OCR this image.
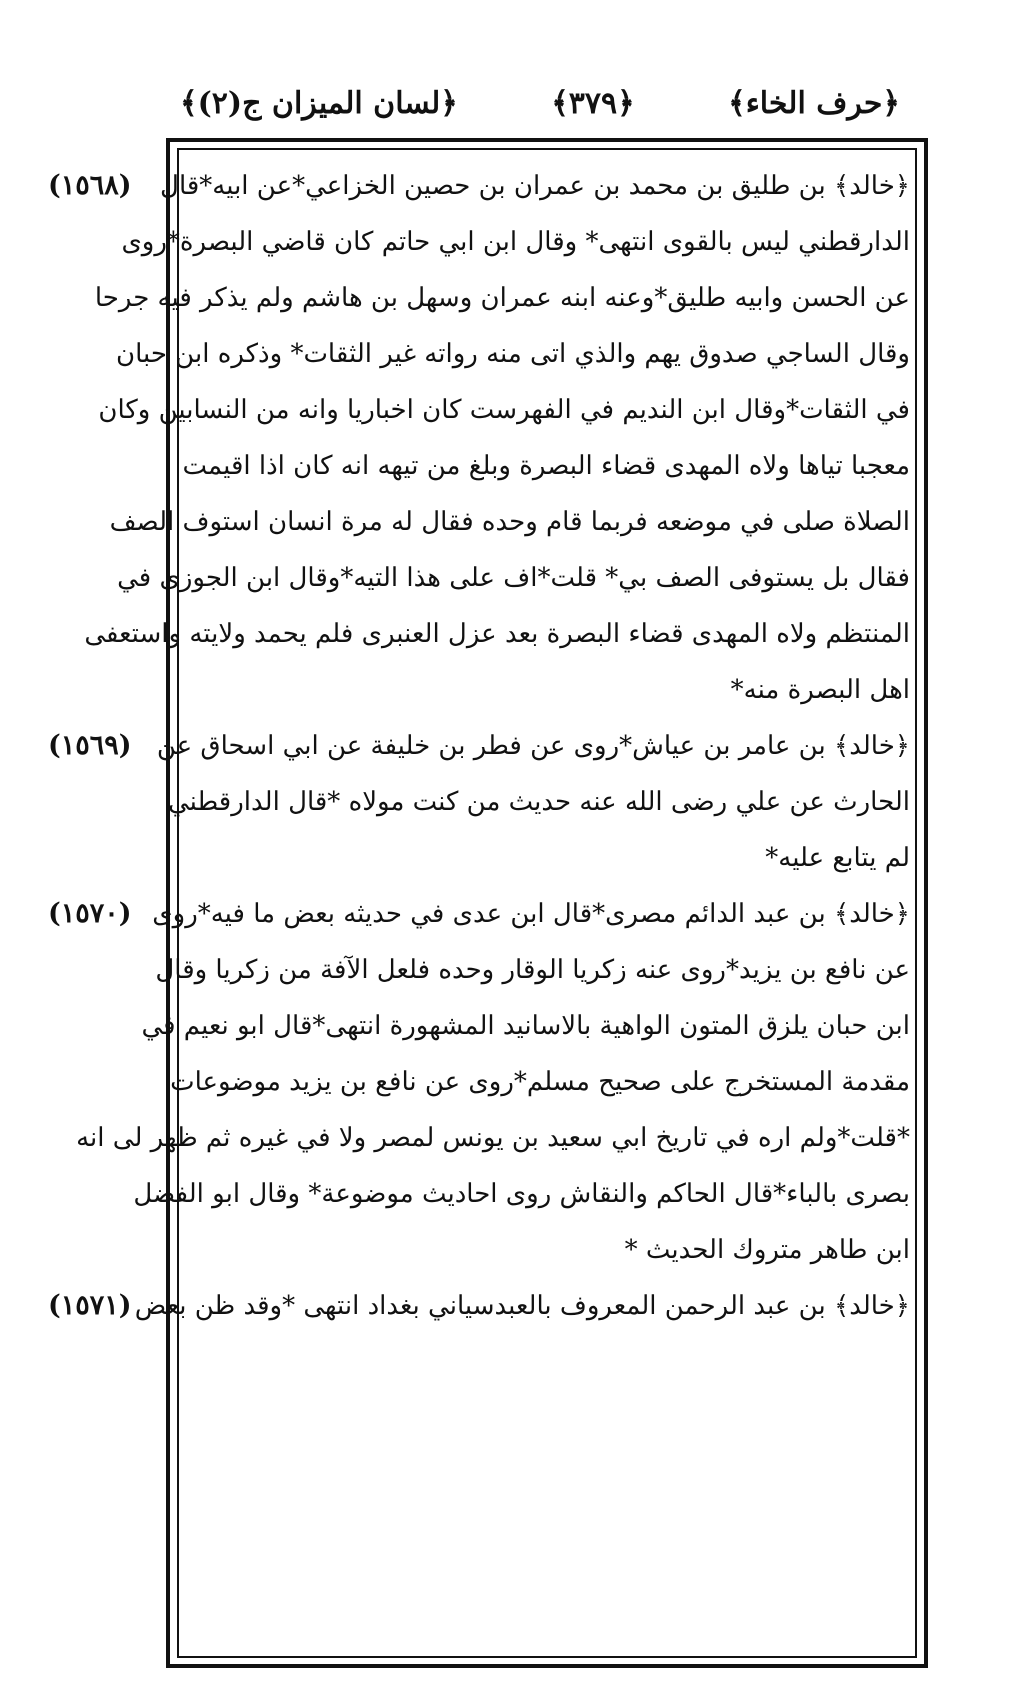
﴿حرف الخاء﴾
﴿٣٧٩﴾
﴿لسان الميزان ج(٢)﴾
﴿خالد﴾ بن طليق بن محمد بن عمران بن حصين الخزاعي*عن ابيه*قال
الدارقطني ليس بالقوى انتهى* وقال ابن ابي حاتم كان قاضي البصرة*روى
عن الحسن وابيه طليق*وعنه ابنه عمران وسهل بن هاشم ولم يذكر فيه جرحا
وقال الساجي صدوق يهم والذي اتى منه رواته غير الثقات* وذكره ابن حبان
في الثقات*وقال ابن النديم في الفهرست كان اخباريا وانه من النسابين وكان
معجبا تياها ولاه المهدى قضاء البصرة وبلغ من تيهه انه كان اذا اقيمت
الصلاة صلى في موضعه فربما قام وحده فقال له مرة انسان استوف الصف
فقال بل يستوفى الصف بي* قلت*اف على هذا التيه*وقال ابن الجوزى في
المنتظم ولاه المهدى قضاء البصرة بعد عزل العنبرى فلم يحمد ولايته واستعفى
اهل البصرة منه*
﴿خالد﴾ بن عامر بن عياش*روى عن فطر بن خليفة عن ابي اسحاق عن
الحارث عن علي رضى الله عنه حديث من كنت مولاه *قال الدارقطني
لم يتابع عليه*
﴿خالد﴾ بن عبد الدائم مصرى*قال ابن عدى في حديثه بعض ما فيه*روى
عن نافع بن يزيد*روى عنه زكريا الوقار وحده فلعل الآفة من زكريا وقال
ابن حبان يلزق المتون الواهية بالاسانيد المشهورة انتهى*قال ابو نعيم في
مقدمة المستخرج على صحيح مسلم*روى عن نافع بن يزيد موضوعات
*قلت*ولم اره في تاريخ ابي سعيد بن يونس لمصر ولا في غيره ثم ظهر لى انه
بصرى بالباء*قال الحاكم والنقاش روى احاديث موضوعة* وقال ابو الفضل
ابن طاهر متروك الحديث *
﴿خالد﴾ بن عبد الرحمن المعروف بالعبدسياني بغداد انتهى *وقد ظن بعض
(١٥٦٨)
(١٥٦٩)
(١٥٧٠)
(١٥٧١)
